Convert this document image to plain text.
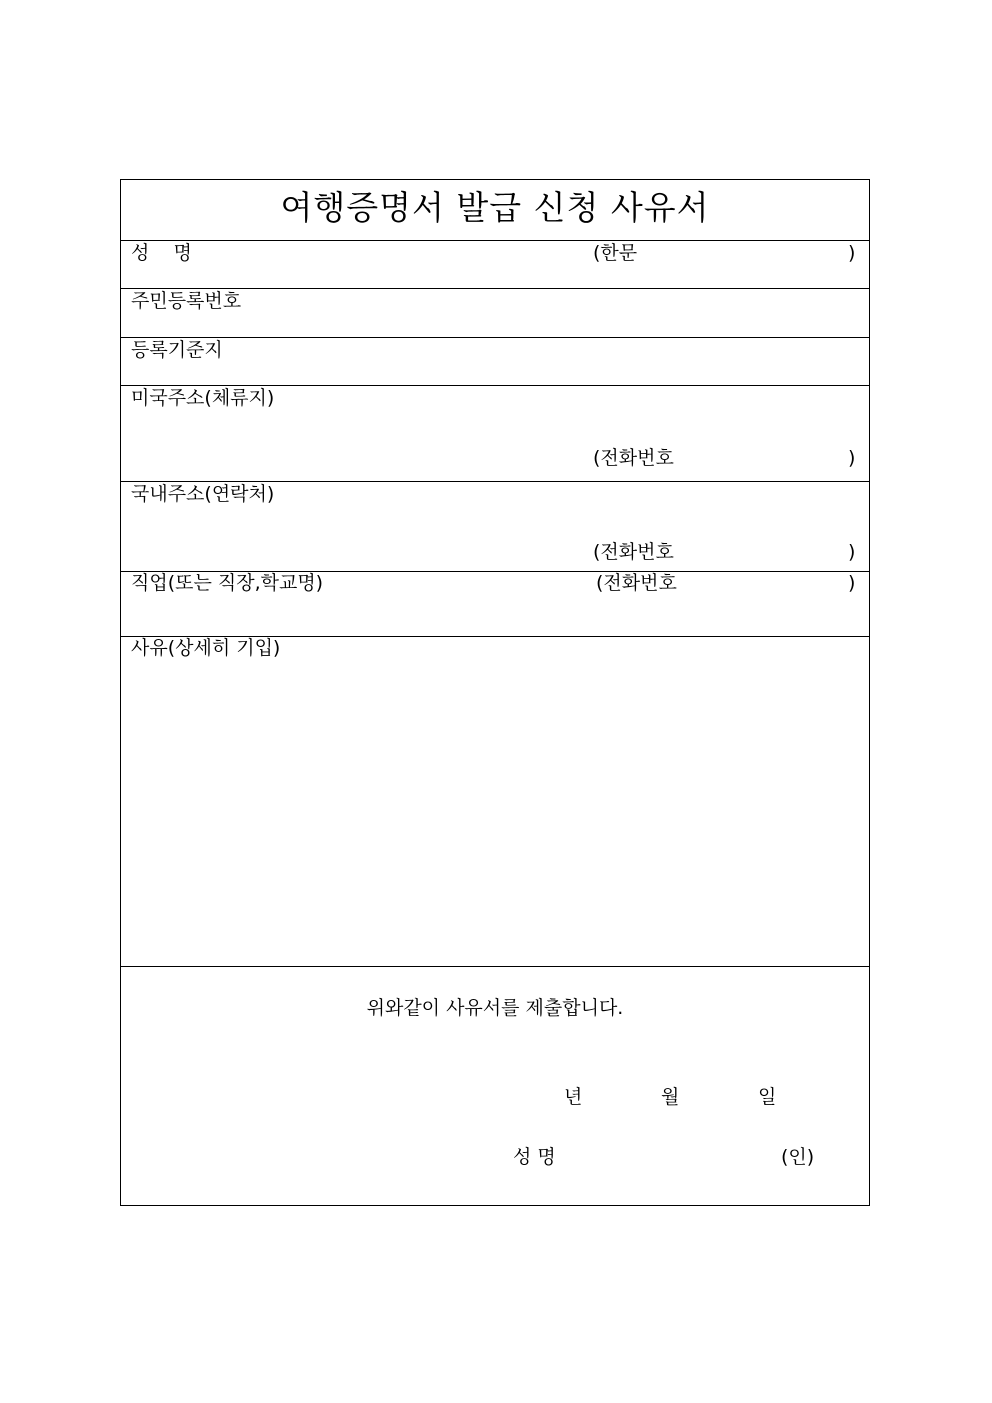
여행증명서 발급 신청 사유서
성    명	(한문	)
주민등록번호
등록기준지
미국주소(체류지)
(전화번호	)
국내주소(연락처)
(전화번호	)
직업(또는 직장,학교명)	(전화번호	)
사유(상세히 기입)
위와같이 사유서를 제출합니다.
년	월	일
성 명	(인)
